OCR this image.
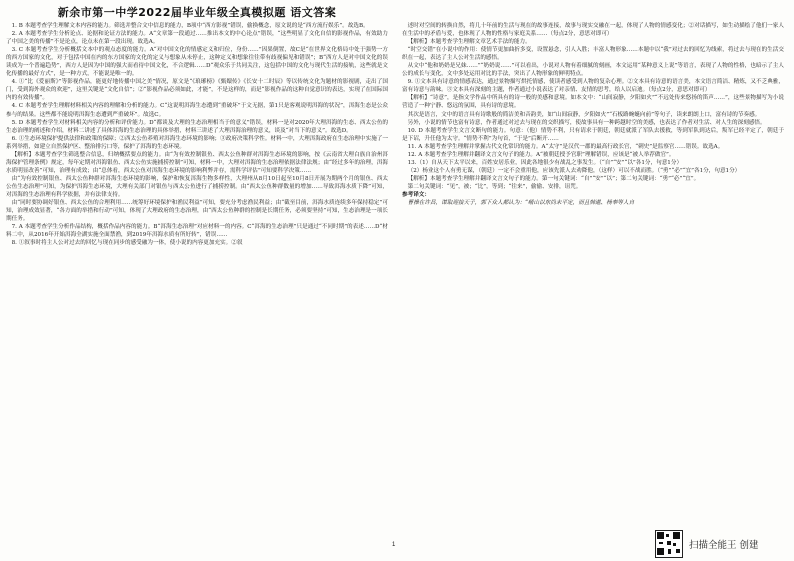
新余市第一中学2022届毕业年级全真模拟题 语文答案

1. B 本题考查学生理解文本内容的能力。筛选并整合文中信息的能力，B项中“西方影视”错误，偷换概念，原文说的是“西方流行娱乐”。故选B。

2. A 本题考查学生分析论点、论据和论证方法的能力。A“文章第一段通过……推出本文的中心论点”错误，“这些明显了文化自信的影视作品，有效助力了中国之美的传播”不是论点，论点未在第一段出现。故选A。

3. C 本题考查学生分析概括文本中的观点态度的能力。A“对中国文化的情感定义和归位，身份……”因果倒置，故C是“在世界文化格局中处于强势一方的西方国家的文化，对于包括中国在内的东方国家的文化的定义与想象从未停止，这种定义和想象往往带有歧视偏见和错误”；B“西方人是对中国文化的误读成为一个普遍趋势”，西方人是因为中国的强大而看待中国文化，不合逻辑……D“观众乐于共同关注，这包括中国的文化与现代生活的接轨，这些就是文化传播的最好方式”，是一种方式，不能说是唯一的。

4. ①“比《爱丽斯》”等影视作品，能更好地传播中国之美”情况，原文是“《琅琊榜》《甄嬛传》《长安十二时辰》等以传统文化为题材的影视剧，走出了国门，受到海外观众的欢迎”，这里关键是“文化自信”；②“影视作品必须如此，才能”，不是这样的，而是“影视作品的这种自觉意识的表达，实现了在国际国内的有效传播”。

4. C 本题考查学生理解材料相关内容的理解和分析的能力。C“这说明洱海生态遭到“重破坏”于文无据，第1只是客观说明洱海的状况”，洱海生态是公众参与的结果。这些都不能说明洱海生态遭到严重破坏”。故选C。

5. D 本题考查学生对材料相关内容的分析和评价能力。D“都谈及大理的生态治理相当于的意义”错误，材料一是对2020年大理洱海的生态、西太公鱼的生态治理的阐述和介绍，材料二讲述了具体洱海的生态治理的具体举措，材料三讲述了大理洱海治理的意义，谈及“对当下的意义”。故选D。

6. ①生态环境保护提供法律和政策的保障；②西太公鱼养殖对洱海生态环境的影响；③政府决策科学性。材料一中，大理洱海政府在生态治理中实施了一系列举措，如建立自然保护区、整治排污口等，保护了洱海的生态环境。

【解析】本题考查学生筛选整合信息，归纳概括要点的能力。由“为有效控制银鱼、西太公鱼种群对洱海生态环境的影响，按《云南省大理白族自治州洱海保护管理条例》规定，每年定期对洱海银鱼、西太公鱼实施捕捞控制”可知，材料一中，大理对洱海的生态治理依据法律法规；由“经过多年的治理，洱海水质明显改善”可知，治理有成效；由“总体看，西太公鱼对洱海生态环境的影响利弊并存，需科学评估”可知要科学决策……

由“为有效控制银鱼、西太公鱼种群对洱海生态环境的影响，保护和恢复洱海生物多样性，大理州从8月10日起至10月8日开展为期两个月的银鱼、西太公鱼生态治理”可知，为保护洱海生态环境，大理有关部门对银鱼与西太公鱼进行了捕捞控制。由“西太公鱼种群数量的增加……导致洱海水质下降”可知，对洱海的生态治理有科学依据，并有法律支持。

由“同时要协调好银鱼、西太公鱼的合理利用……统筹好环境保护和渔民利益”可知，要充分考虑渔民利益；由“截至目前，洱海水质连续多年保持稳定”可知，治理成效显著，“各方面的举措和行动”可知，体现了大理政府的生态治理，由“西太公鱼种群的控制是长期任务，必须要坚持”可知，生态治理是一项长期任务。

7. A 本题考查学生分析作品结构，概括作品内容的能力。B“洱海生态治理”对应材料一的内容。C“洱海的生态治理”只是通过“不同时期”的表述……D“材料二中，从2016年开始洱海全湖实施全面禁渔，到2019年洱海水质有所好转”，错误……

8. ①叙事时将主人公对过去的回忆与现在同步的感受融为一体，使小说的内容更加充实。②叙

述时对空间的转换自然，将几十年前的生活与现在的故事连接，故事与现实交融在一起，体现了人物的情感变化；②对话描写，如生动描绘了他们一家人在生活中的矛盾与爱，也体现了人物的性格与家庭关系……（每点2分，意思对即可）

【解析】本题考查学生理解文章艺术手法的能力。

“时空交错”在小说中的作用：使情节更加曲折多变，设置悬念，引人入胜；丰富人物形象……本题中以“我”对过去的回忆为线索，将过去与现在的生活交织在一起，表达了主人公对生活的感悟。

从文中“他和奶奶是兄妹……”“奶奶说……”可以看出，小说对人物有着细腻的刻画，本文运用“某种意义上说”等语言，表现了人物的性格，也暗示了主人公的成长与变化，文中多处运用对比的手法，突出了人物形象的鲜明特点。

9. ①文本具有诗意的情感表达，通过景物描写烘托情感，使读者感受到人物的复杂心理。②文本具有诗意的语言美，本文语言简洁、精炼，又不乏典雅，富有诗意与韵味。③文本具有深刻的主题，作者通过小说表达了对亲情、友情的思考，给人以启迪。（每点2分，意思对即可）

【解析】“诗意”，是指文学作品中所具有的诗一般的美感和意境。如本文中：“山间寂静，夕阳如火”“不远处传来悠扬的笛声……”，这些景物描写为小说营造了一种宁静、悠远的氛围，具有诗的意境。

其次是语言，文中的语言具有诗歌般的简洁美和音韵美，如“山间寂静，夕阳如火”“石板路蜿蜒向前”等句子，读来朗朗上口，富有诗的节奏感。

另外，小说的情节也富有诗意，作者通过对过去与现在的交织描写，使故事具有一种跨越时空的美感，也表达了作者对生活、对人生的深刻感悟。

10. D 本题考查学生文言文断句的能力。句意：（他）情势不利，只有请求于朝廷，朝廷就派了军队去援救，等到军队到达后，叛军已经平定了，朝廷于是下诏，升任他为太守。“情势不利”为句首，“于是”后断开……

11. A 本题考查学生理解并掌握古代文化常识的能力。A“太守”是汉代一郡的最高行政长官，“刺史”是监察官……错误。故选A。

12. A 本题考查学生理解并翻译文言文句子的能力。A“被朝廷授予官职”理解错误，应该是“被人举荐做官”。

13.（1）自从天下太平以来，百姓安居乐业，因此各地很少有战乱之事发生。（“自”“安”“以”各1分，句意1分）

（2）杨业这个人有勇无谋，（朝廷）一定不会重用他，应该先派人去劝降他，（这样）可以不战而胜。（“勇”“必”“宜”各1分，句意1分）

【解析】本题考查学生理解并翻译文言文句子的能力。第一句关键词：“自”“安”“以”；第二句关键词：“勇”“必”“宜”。

第二句关键词：“见”，被；“比”，等到；“往来”，偷偷、安排，诅咒。

参考译文：

曹操在许昌，谋取迎接天子，郭下众人都认为：“崤山以东尚未平定，而且韩暹、杨奉等人自

1	扫描全能王 创建
